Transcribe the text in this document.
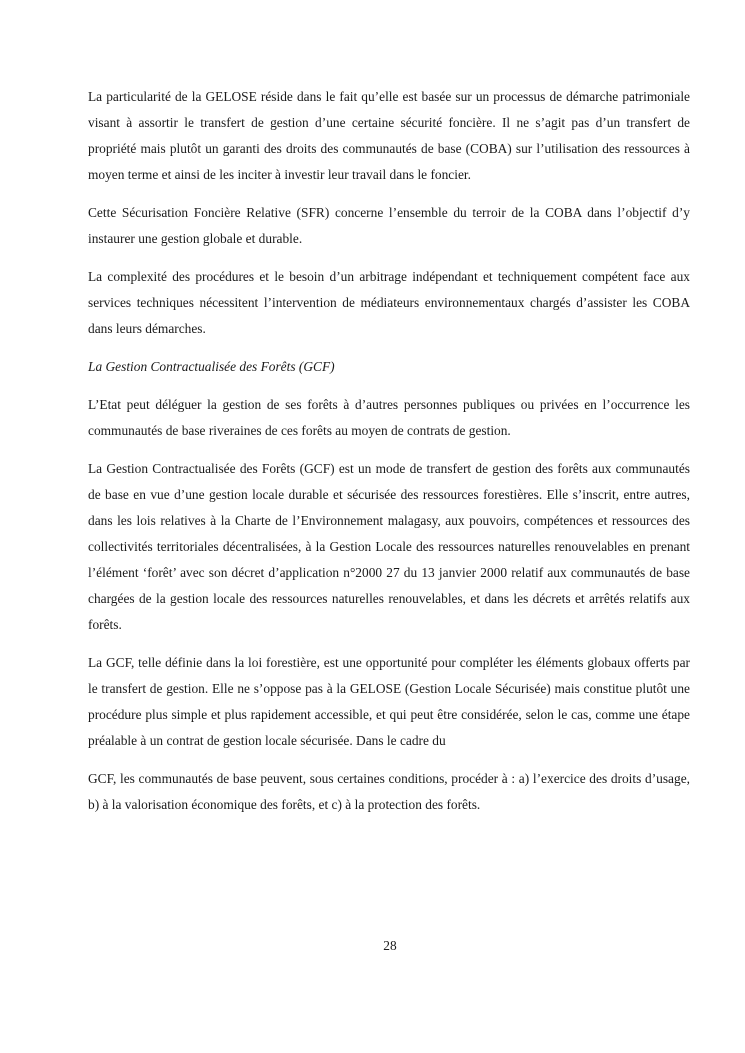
La particularité de la GELOSE réside dans le fait qu’elle est basée sur un processus de démarche patrimoniale visant à assortir le transfert de gestion d’une certaine sécurité foncière. Il ne s’agit pas d’un transfert de propriété mais plutôt un garanti des droits des communautés de base (COBA) sur l’utilisation des ressources à moyen terme et ainsi de les inciter à investir leur travail dans le foncier.

Cette Sécurisation Foncière Relative (SFR) concerne l’ensemble du terroir de la COBA dans l’objectif d’y instaurer une gestion globale et durable.

La complexité des procédures et le besoin d’un arbitrage indépendant et techniquement compétent face aux services techniques nécessitent l’intervention de médiateurs environnementaux chargés d’assister les COBA dans leurs démarches.

La Gestion Contractualisée des Forêts (GCF)

L’Etat peut déléguer la gestion de ses forêts à d’autres personnes publiques ou privées en l’occurrence les communautés de base riveraines de ces forêts au moyen de contrats de gestion.

La Gestion Contractualisée des Forêts (GCF) est un mode de transfert de gestion des forêts aux communautés de base en vue d’une gestion locale durable et sécurisée des ressources forestières. Elle s’inscrit, entre autres, dans les lois relatives à la Charte de l’Environnement malagasy, aux pouvoirs, compétences et ressources des collectivités territoriales décentralisées, à la Gestion Locale des ressources naturelles renouvelables en prenant l’élément ‘forêt’ avec son décret d’application n°2000 27 du 13 janvier 2000 relatif aux communautés de base chargées de la gestion locale des ressources naturelles renouvelables, et dans les décrets et arrêtés relatifs aux forêts.

La GCF, telle définie dans la loi forestière, est une opportunité pour compléter les éléments globaux offerts par le transfert de gestion. Elle ne s’oppose pas à la GELOSE (Gestion Locale Sécurisée) mais constitue plutôt une procédure plus simple et plus rapidement accessible, et qui peut être considérée, selon le cas, comme une étape préalable à un contrat de gestion locale sécurisée. Dans le cadre du

GCF, les communautés de base peuvent, sous certaines conditions, procéder à : a) l’exercice des droits d’usage, b) à la valorisation économique des forêts, et c) à la protection des forêts.

28
